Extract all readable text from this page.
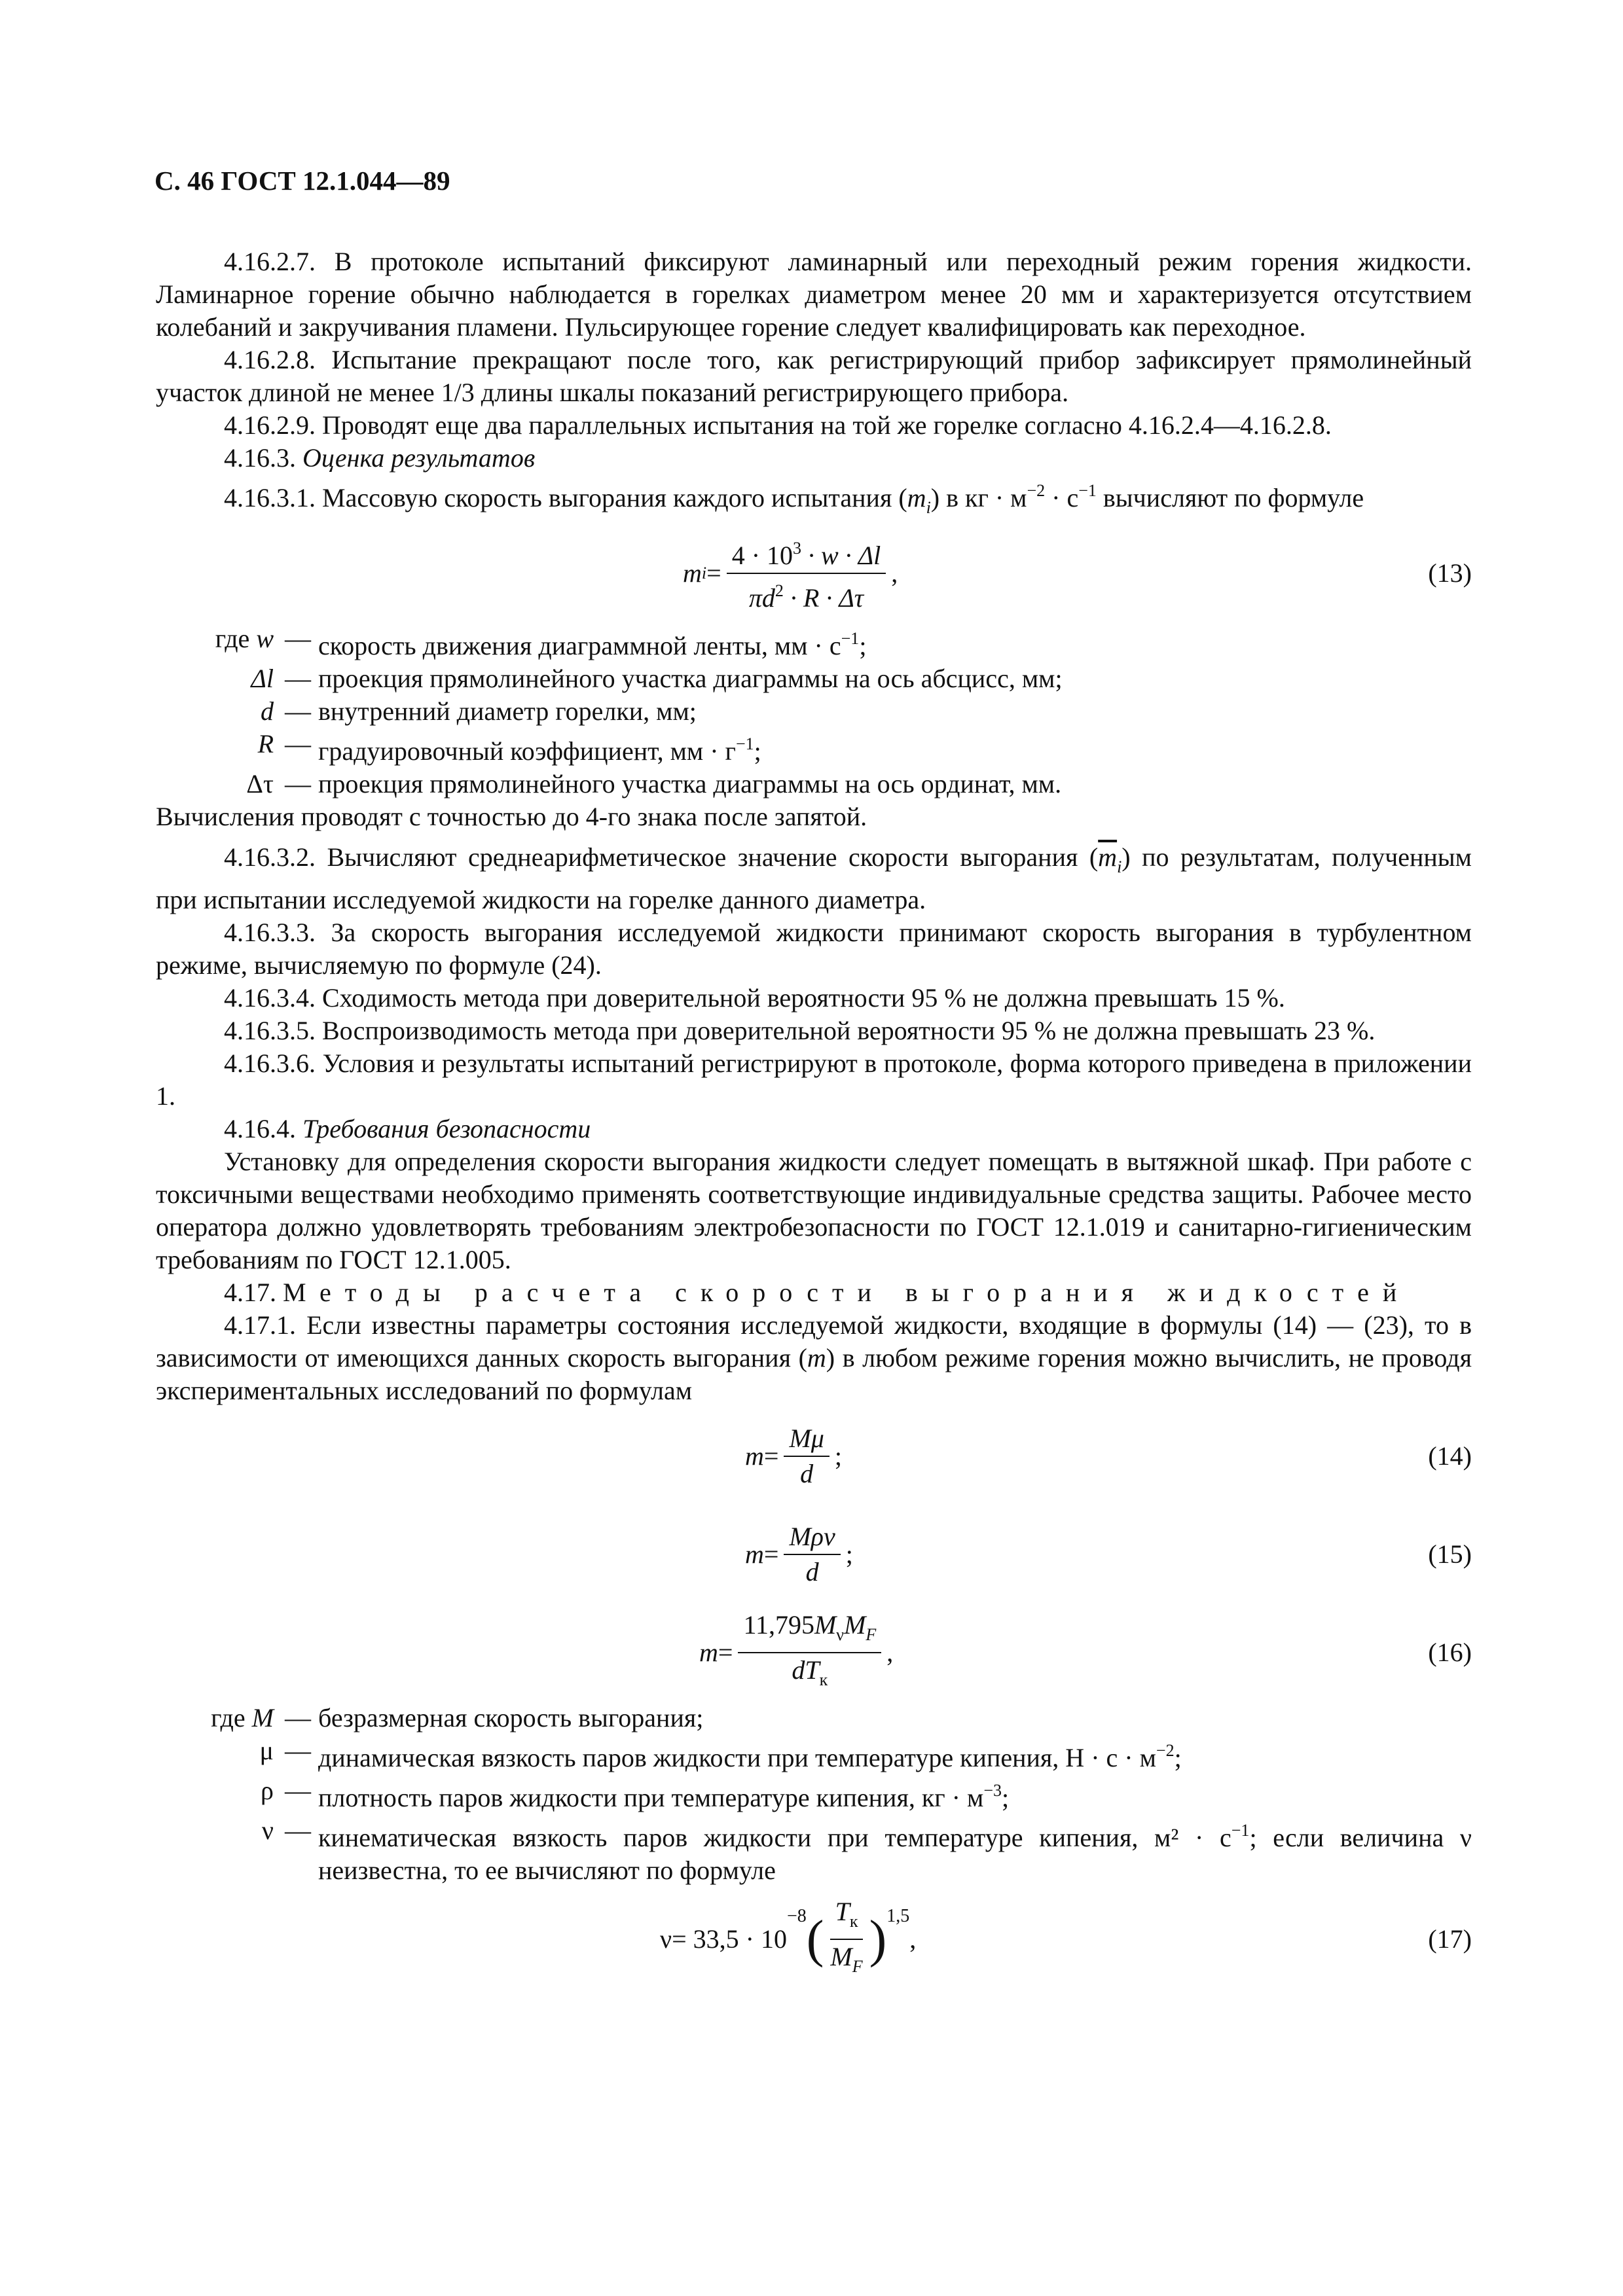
С. 46 ГОСТ 12.1.044—89

4.16.2.7. В протоколе испытаний фиксируют ламинарный или переходный режим горения жидкости. Ламинарное горение обычно наблюдается в горелках диаметром менее 20 мм и характеризуется отсутствием колебаний и закручивания пламени. Пульсирующее горение следует квалифицировать как переходное.

4.16.2.8. Испытание прекращают после того, как регистрирующий прибор зафиксирует прямолинейный участок длиной не менее 1/3 длины шкалы показаний регистрирующего прибора.

4.16.2.9. Проводят еще два параллельных испытания на той же горелке согласно 4.16.2.4—4.16.2.8.

4.16.3. Оценка результатов

4.16.3.1. Массовую скорость выгорания каждого испытания $(m_i)$ в кг · $м^{-2} \cdot с^{-1}$ вычисляют по формуле

m $i = \frac{4 \cdot 10^3 \cdot w \cdot \Delta l}{\pi d^2 \cdot R \cdot \Delta\tau}$ ,	(13)
где w — скорость движения диаграммной ленты, мм · $с^{-1}$;
Δl — проекция прямолинейного участка диаграммы на ось абсцисс, мм;
d — внутренний диаметр горелки, мм;
R — градуировочный коэффициент, мм · $г^{-1}$;
Δτ — проекция прямолинейного участка диаграммы на ось ординат, мм.

Вычисления проводят с точностью до 4-го знака после запятой.

4.16.3.2. Вычисляют среднеарифметическое значение скорости выгорания $(\overline{m}_i)$ по результатам, полученным при испытании исследуемой жидкости на горелке данного диаметра.

4.16.3.3. За скорость выгорания исследуемой жидкости принимают скорость выгорания в турбулентном режиме, вычисляемую по формуле (24).

4.16.3.4. Сходимость метода при доверительной вероятности 95 % не должна превышать 15 %.

4.16.3.5. Воспроизводимость метода при доверительной вероятности 95 % не должна превышать 23 %.

4.16.3.6. Условия и результаты испытаний регистрируют в протоколе, форма которого приведена в приложении 1.

4.16.4. Требования безопасности

Установку для определения скорости выгорания жидкости следует помещать в вытяжной шкаф. При работе с токсичными веществами необходимо применять соответствующие индивидуальные средства защиты. Рабочее место оператора должно удовлетворять требованиям электробезопасности по ГОСТ 12.1.019 и санитарно-гигиеническим требованиям по ГОСТ 12.1.005.

4.17. Методы расчета скорости выгорания жидкостей

4.17.1. Если известны параметры состояния исследуемой жидкости, входящие в формулы (14) — (23), то в зависимости от имеющихся данных скорость выгорания (m) в любом режиме горения можно вычислить, не проводя экспериментальных исследований по формулам

$m = \frac{M\mu}{d}$ ;	(14)
$m = \frac{\text{Mρν}}{d}$ ;	(15)
$m = \frac{11,795M_\nu M_F}{dT_к}$ ,	(16)
где M — безразмерная скорость выгорания;
μ — динамическая вязкость паров жидкости при температуре кипения, $Н \cdot с \cdot м^{-2}$;
ρ — плотность паров жидкости при температуре кипения, кг · $м^{-3}$;
ν — кинематическая вязкость паров жидкости при температуре кипения, $м^2 \cdot с^{-1}$; если величина ν неизвестна, то ее вычисляют по формуле
ν = 33,5 · 10
−8 ( $\frac{T_к}{M_F}$ ) 1,5
,	(17)
